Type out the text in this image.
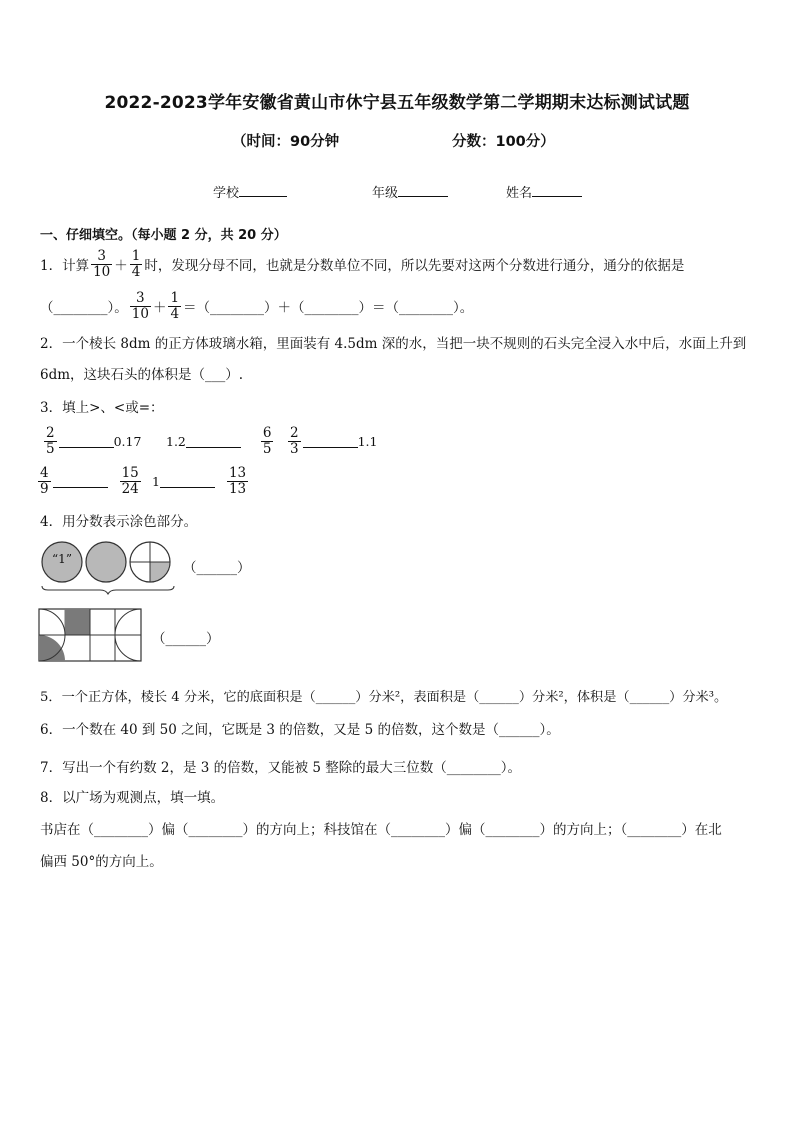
2022-2023学年安徽省黄山市休宁县五年级数学第二学期期末达标测试试题
（时间：90分钟	分数：100分）
学校	年级	姓名
一、仔细填空。（每小题 2 分，共 20 分）
1．计算 $\frac{3}{10} + \frac{1}{4}$ 时，发现分母不同，也就是分数单位不同，所以先要对这两个分数进行通分，通分的依据是
（________）。 $\frac{3}{10} + \frac{1}{4}$ ＝（________）＋（________）＝（________）。
2．一个棱长 8dm 的正方体玻璃水箱，里面装有 4.5dm 深的水，当把一块不规则的石头完全浸入水中后，水面上升到
6dm，这块石头的体积是（___）.
3．填上>、<或=：
$\frac{2}{5}$	0.17 1.2	$\frac{6}{5} \frac{2}{3}$	1.1
$\frac{4}{9}$	$\frac{15}{24} 1$	$\frac{13}{13}$
4．用分数表示涂色部分。
“1”
（______）
（______）
5．一个正方体，棱长 4 分米，它的底面积是（______）分米²，表面积是（______）分米²，体积是（______）分米³。
6．一个数在 40 到 50 之间，它既是 3 的倍数，又是 5 的倍数，这个数是（______）。
7．写出一个有约数 2，是 3 的倍数，又能被 5 整除的最大三位数（________）。
8．以广场为观测点，填一填。
书店在（________）偏（________）的方向上；科技馆在（________）偏（________）的方向上；（________）在北
偏西 50°的方向上。
